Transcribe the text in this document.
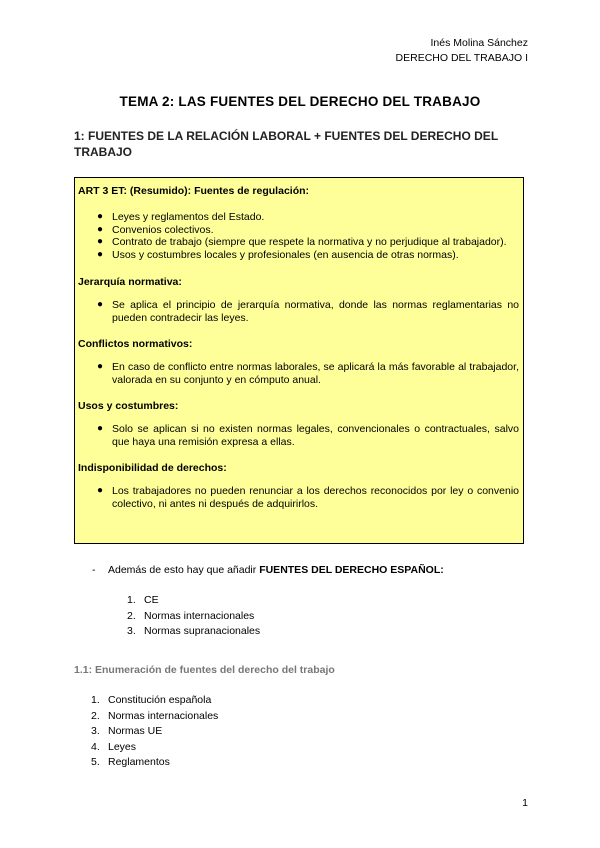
Inés Molina Sánchez
DERECHO DEL TRABAJO I
TEMA 2: LAS FUENTES DEL DERECHO DEL TRABAJO
1: FUENTES DE LA RELACIÓN LABORAL + FUENTES DEL DERECHO DEL TRABAJO

ART 3 ET: (Resumido): Fuentes de regulación:

● Leyes y reglamentos del Estado.
● Convenios colectivos.
● Contrato de trabajo (siempre que respete la normativa y no perjudique al trabajador).
● Usos y costumbres locales y profesionales (en ausencia de otras normas).

Jerarquía normativa:

● Se aplica el principio de jerarquía normativa, donde las normas reglamentarias no pueden contradecir las leyes.

Conflictos normativos:

● En caso de conflicto entre normas laborales, se aplicará la más favorable al trabajador, valorada en su conjunto y en cómputo anual.

Usos y costumbres:

● Solo se aplican si no existen normas legales, convencionales o contractuales, salvo que haya una remisión expresa a ellas.

Indisponibilidad de derechos:

● Los trabajadores no pueden renunciar a los derechos reconocidos por ley o convenio colectivo, ni antes ni después de adquirirlos.
- Además de esto hay que añadir FUENTES DEL DERECHO ESPAÑOL:
1. CE

2. Normas internacionales

3. Normas supranacionales

1.1: Enumeración de fuentes del derecho del trabajo
1. Constitución española

2. Normas internacionales

3. Normas UE

4. Leyes

5. Reglamentos

1
